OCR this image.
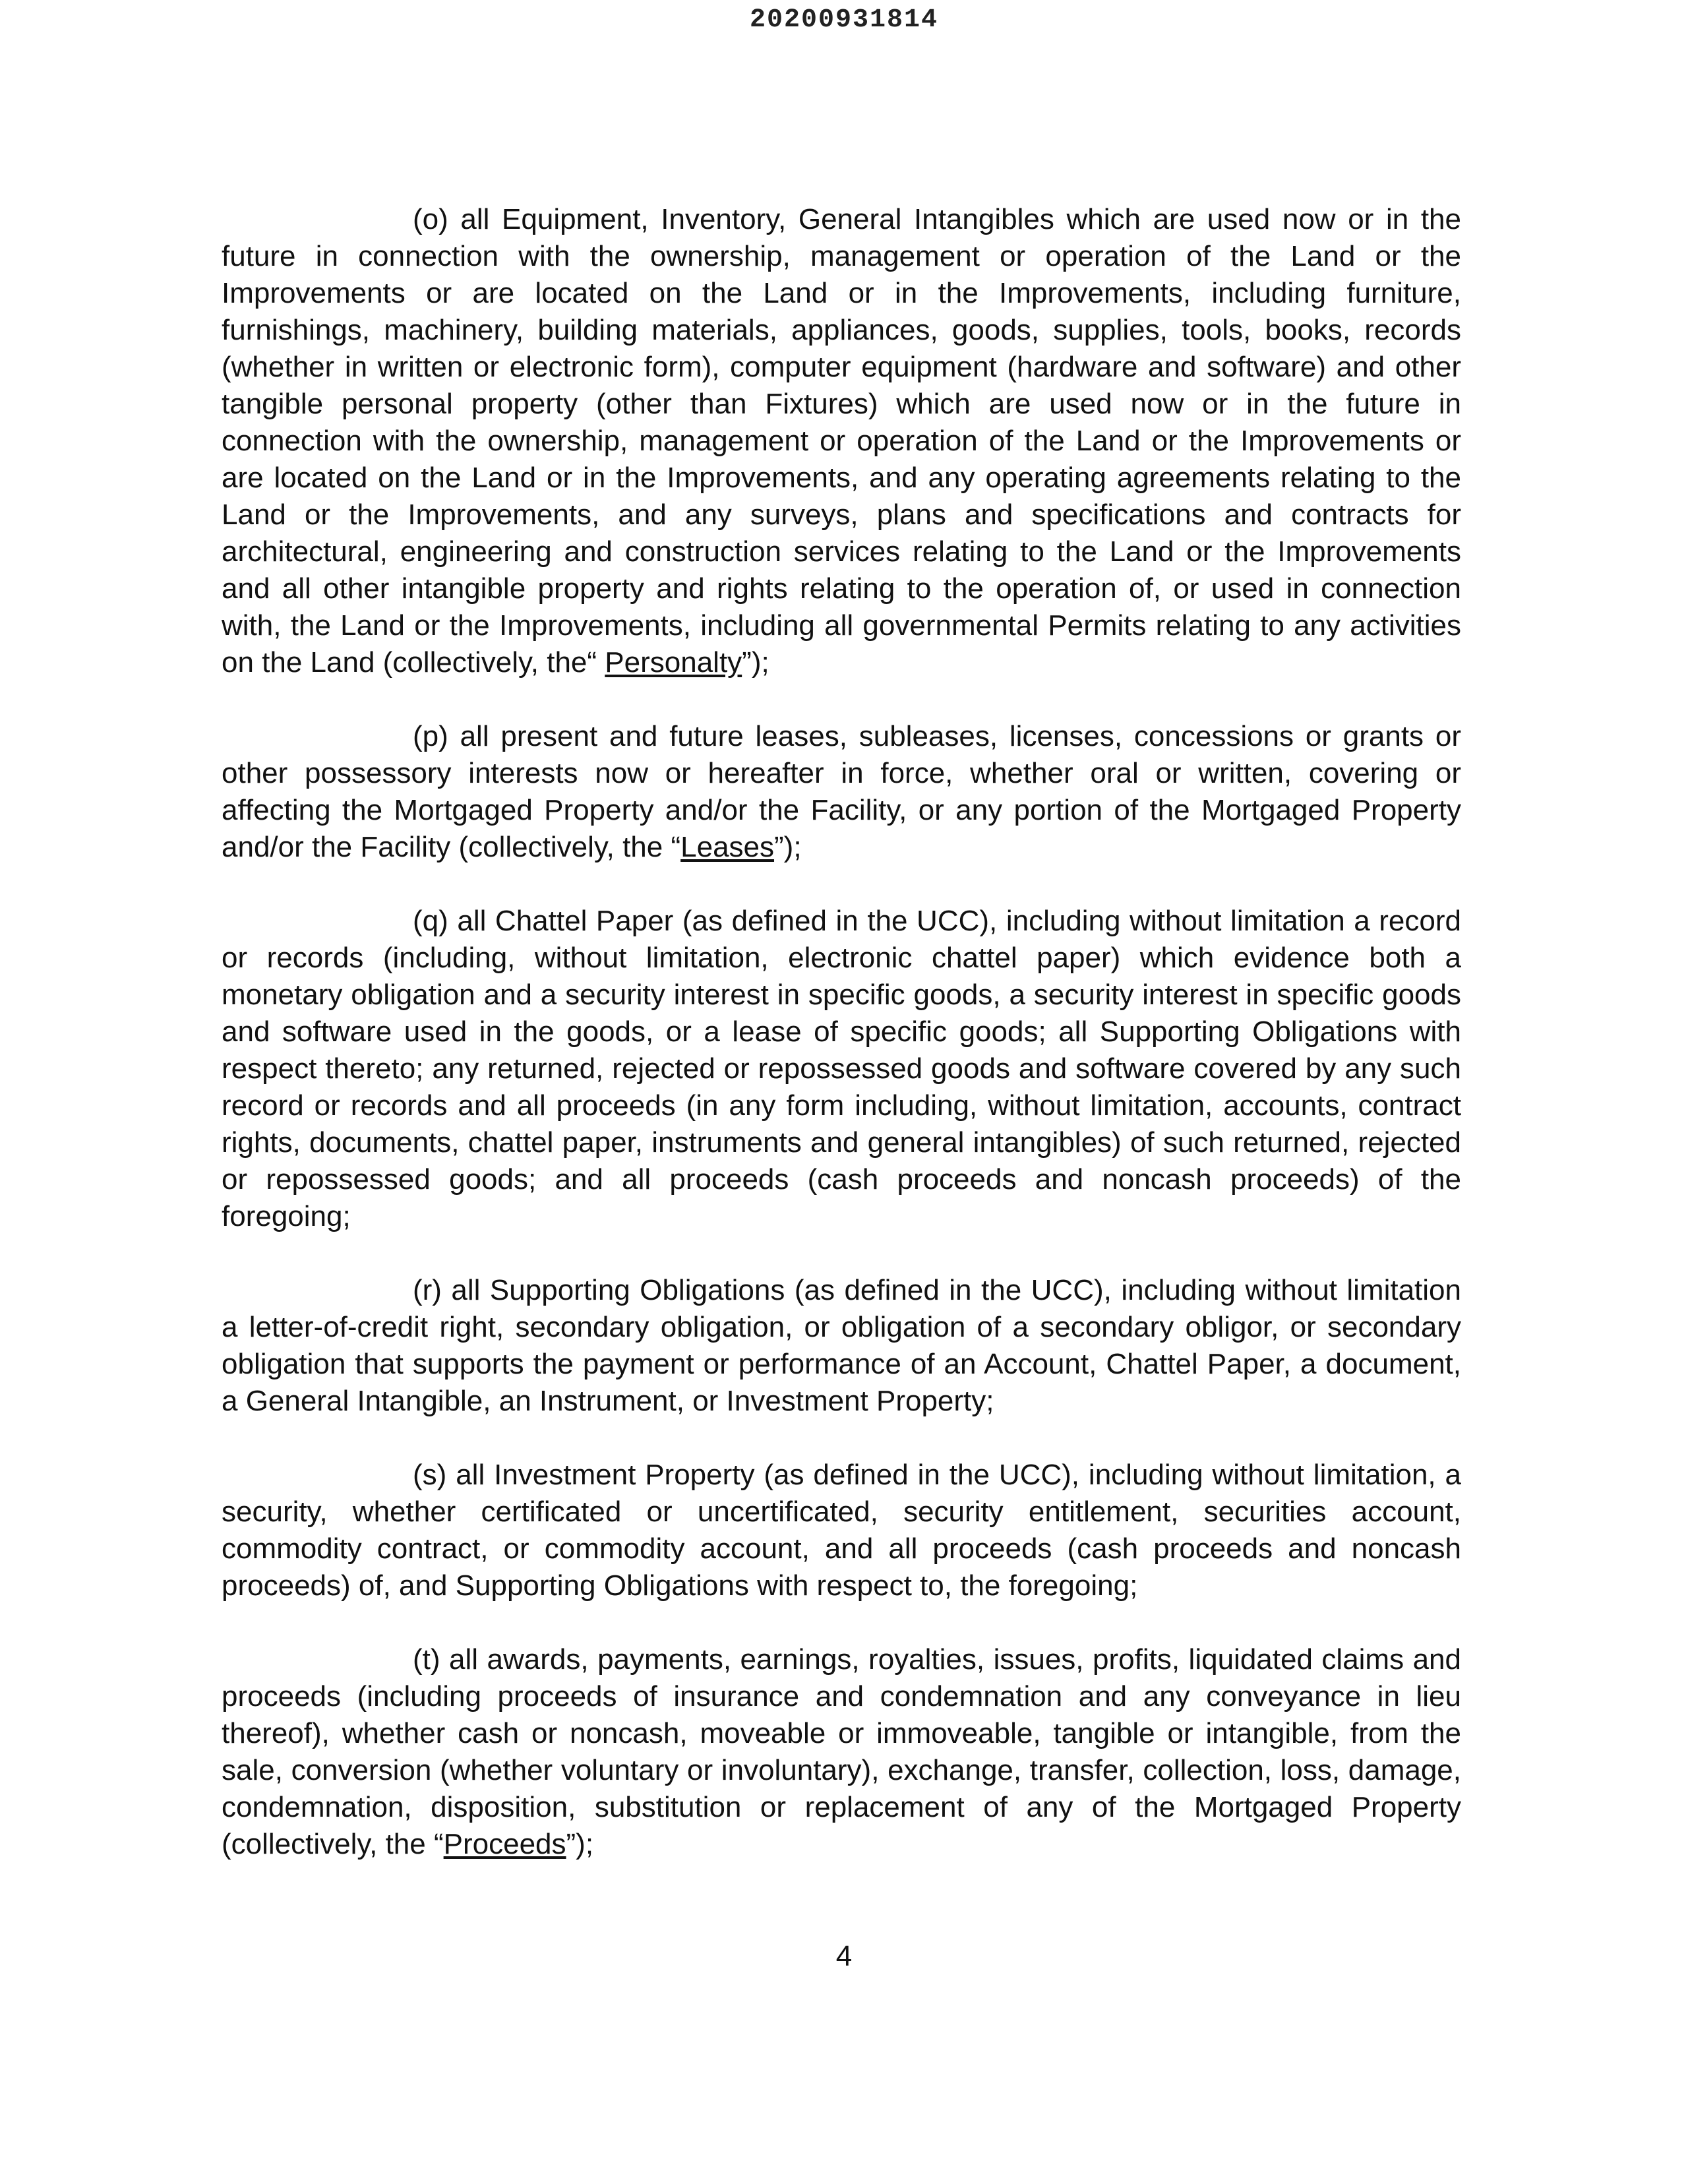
20200931814

(o) all Equipment, Inventory, General Intangibles which are used now or in the future in connection with the ownership, management or operation of the Land or the Improvements or are located on the Land or in the Improvements, including furniture, furnishings, machinery, building materials, appliances, goods, supplies, tools, books, records (whether in written or electronic form), computer equipment (hardware and software) and other tangible personal property (other than Fixtures) which are used now or in the future in connection with the ownership, management or operation of the Land or the Improvements or are located on the Land or in the Improvements, and any operating agreements relating to the Land or the Improvements, and any surveys, plans and specifications and contracts for architectural, engineering and construction services relating to the Land or the Improvements and all other intangible property and rights relating to the operation of, or used in connection with, the Land or the Improvements, including all governmental Permits relating to any activities on the Land (collectively, the“ Personalty”);

(p) all present and future leases, subleases, licenses, concessions or grants or other possessory interests now or hereafter in force, whether oral or written, covering or affecting the Mortgaged Property and/or the Facility, or any portion of the Mortgaged Property and/or the Facility (collectively, the “Leases”);

(q) all Chattel Paper (as defined in the UCC), including without limitation a record or records (including, without limitation, electronic chattel paper) which evidence both a monetary obligation and a security interest in specific goods, a security interest in specific goods and software used in the goods, or a lease of specific goods; all Supporting Obligations with respect thereto; any returned, rejected or repossessed goods and software covered by any such record or records and all proceeds (in any form including, without limitation, accounts, contract rights, documents, chattel paper, instruments and general intangibles) of such returned, rejected or repossessed goods; and all proceeds (cash proceeds and noncash proceeds) of the foregoing;

(r) all Supporting Obligations (as defined in the UCC), including without limitation a letter-of-credit right, secondary obligation, or obligation of a secondary obligor, or secondary obligation that supports the payment or performance of an Account, Chattel Paper, a document, a General Intangible, an Instrument, or Investment Property;

(s) all Investment Property (as defined in the UCC), including without limitation, a security, whether certificated or uncertificated, security entitlement, securities account, commodity contract, or commodity account, and all proceeds (cash proceeds and noncash proceeds) of, and Supporting Obligations with respect to, the foregoing;

(t) all awards, payments, earnings, royalties, issues, profits, liquidated claims and proceeds (including proceeds of insurance and condemnation and any conveyance in lieu thereof), whether cash or noncash, moveable or immoveable, tangible or intangible, from the sale, conversion (whether voluntary or involuntary), exchange, transfer, collection, loss, damage, condemnation, disposition, substitution or replacement of any of the Mortgaged Property (collectively, the “Proceeds”);

4
